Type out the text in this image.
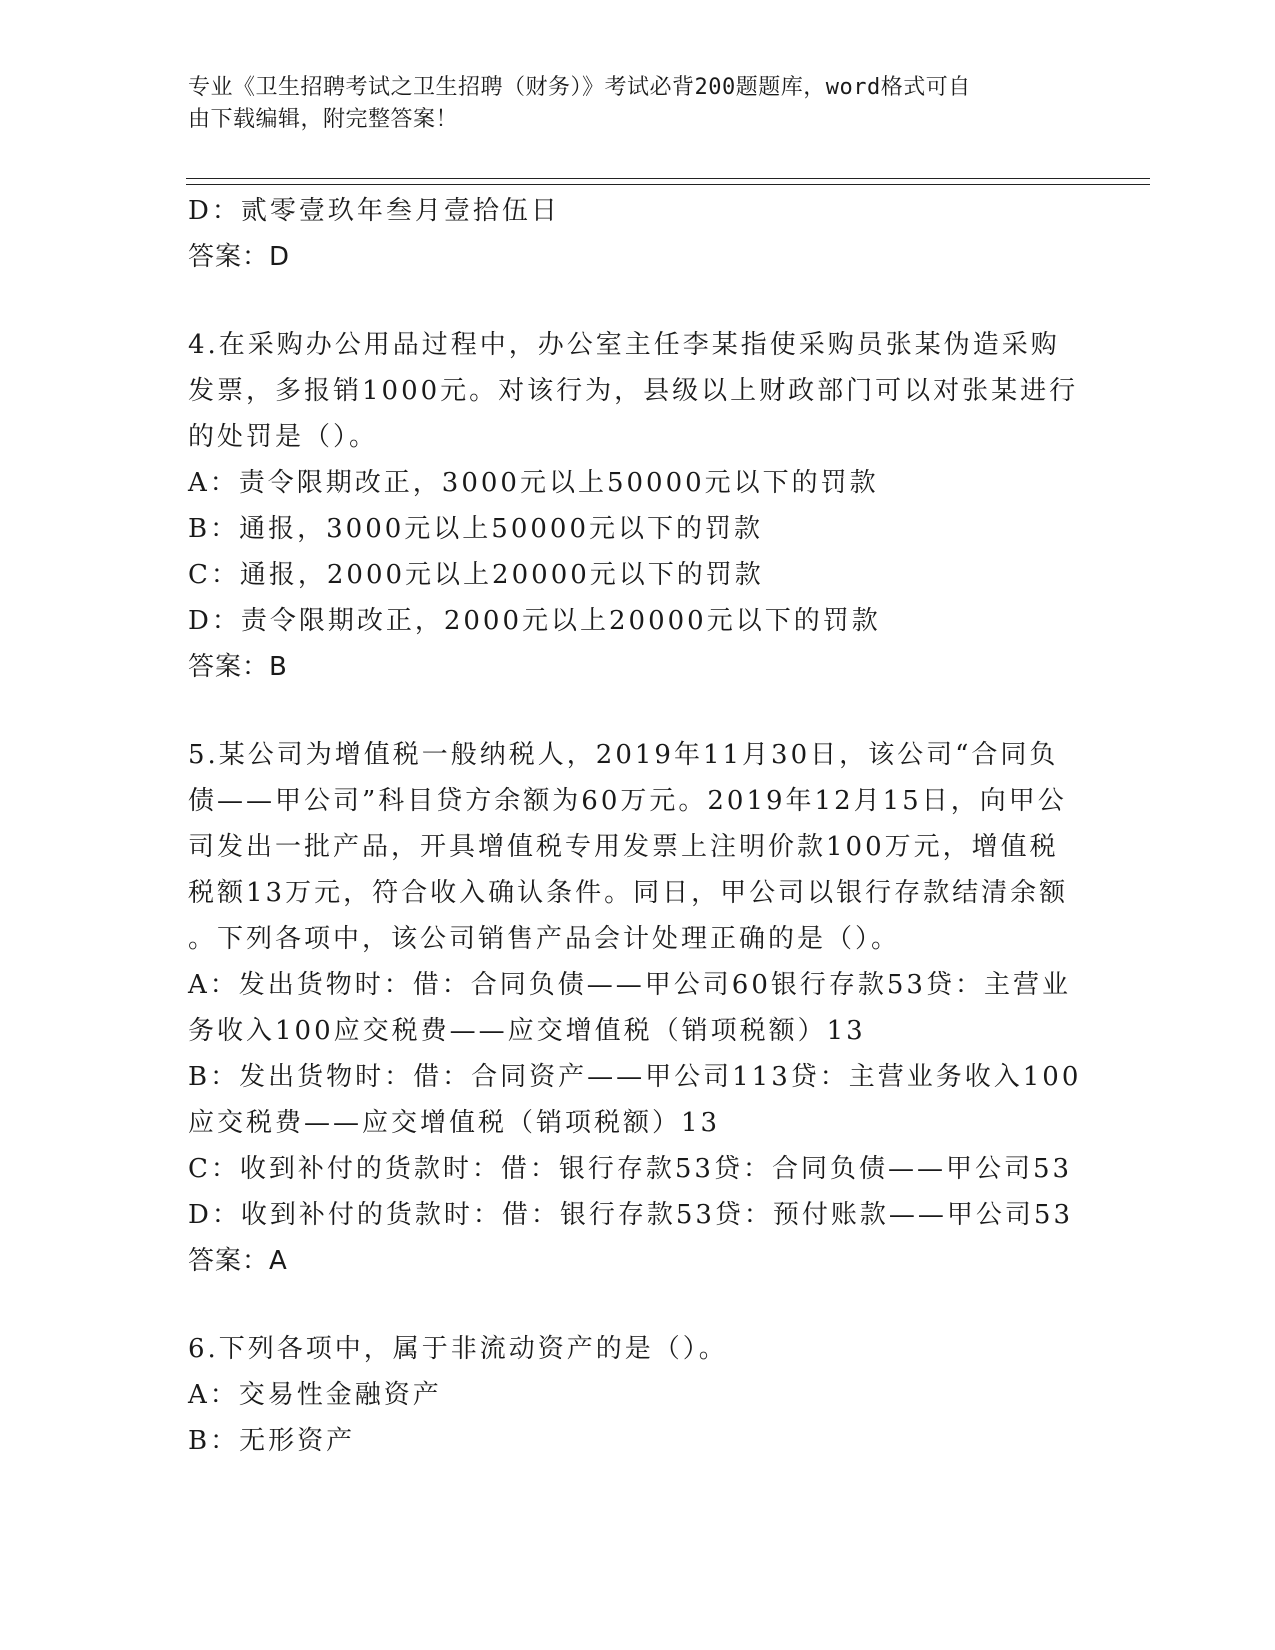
专业《卫生招聘考试之卫生招聘（财务）》考试必背200题题库，word格式可自
由下载编辑，附完整答案！
D：贰零壹玖年叁月壹拾伍日
答案：D
4.在采购办公用品过程中，办公室主任李某指使采购员张某伪造采购
发票，多报销1000元。对该行为，县级以上财政部门可以对张某进行
的处罚是（）。
A：责令限期改正，3000元以上50000元以下的罚款
B：通报，3000元以上50000元以下的罚款
C：通报，2000元以上20000元以下的罚款
D：责令限期改正，2000元以上20000元以下的罚款
答案：B
5.某公司为增值税一般纳税人，2019年11月30日，该公司“合同负
债——甲公司”科目贷方余额为60万元。2019年12月15日，向甲公
司发出一批产品，开具增值税专用发票上注明价款100万元，增值税
税额13万元，符合收入确认条件。同日，甲公司以银行存款结清余额
。下列各项中，该公司销售产品会计处理正确的是（）。
A：发出货物时：借：合同负债——甲公司60银行存款53贷：主营业
务收入100应交税费——应交增值税（销项税额）13
B：发出货物时：借：合同资产——甲公司113贷：主营业务收入100
应交税费——应交增值税（销项税额）13
C：收到补付的货款时：借：银行存款53贷：合同负债——甲公司53
D：收到补付的货款时：借：银行存款53贷：预付账款——甲公司53
答案：A
6.下列各项中，属于非流动资产的是（）。
A：交易性金融资产
B：无形资产
